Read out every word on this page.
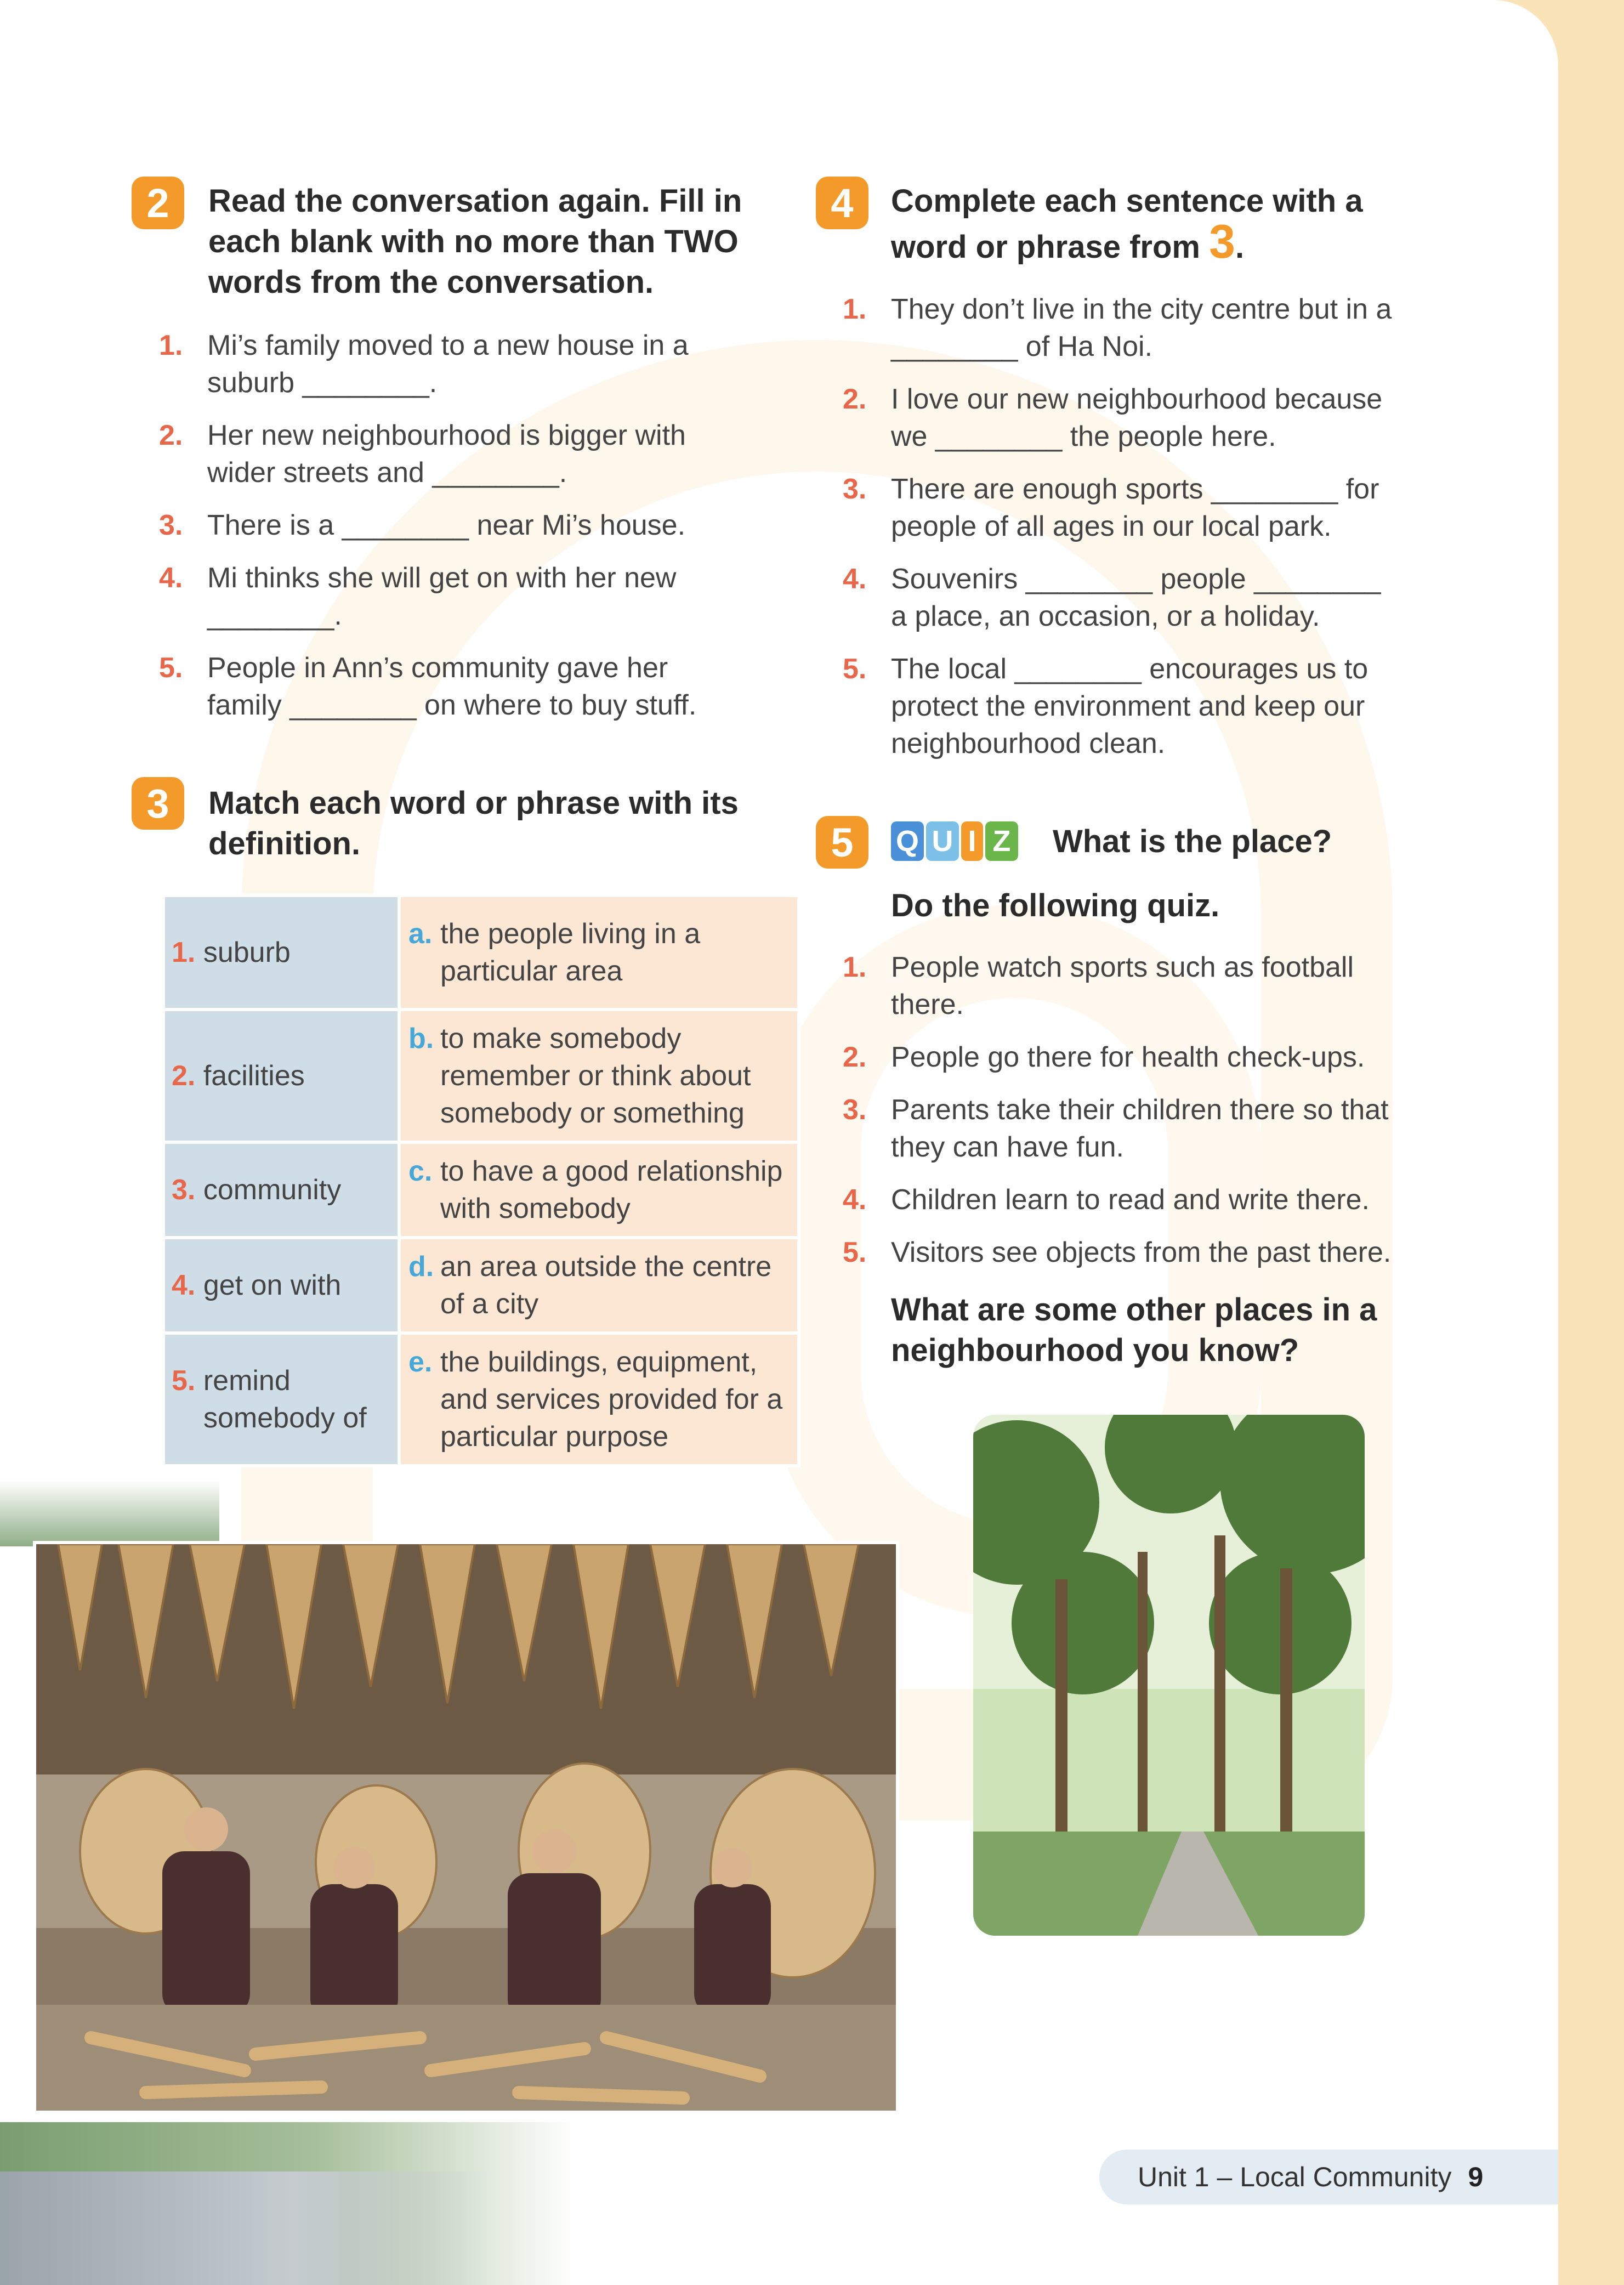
2	Read the conversation again. Fill in
each blank with no more than TWO
words from the conversation.
1. Mi’s family moved to a new house in a
suburb ________.
2. Her new neighbourhood is bigger with
wider streets and ________.
3. There is a ________ near Mi’s house.
4. Mi thinks she will get on with her new
________.
5. People in Ann’s community gave her
family ________ on where to buy stuff.
3	Match each word or phrase with its
definition.
1. suburb	a. the people living in a particular area
2. facilities	b. to make somebody remember or think about somebody or something
3. community	c. to have a good relationship with somebody
4. get on with	d. an area outside the centre of a city
5. remind somebody of	e. the buildings, equipment, and services provided for a particular purpose
4	Complete each sentence with a
word or phrase from 3.
1. They don’t live in the city centre but in a
________ of Ha Noi.
2. I love our new neighbourhood because
we ________ the people here.
3. There are enough sports ________ for
people of all ages in our local park.
4. Souvenirs ________ people ________
a place, an occasion, or a holiday.
5. The local ________ encourages us to
protect the environment and keep our
neighbourhood clean.
5	Q U I Z What is the place?
Do the following quiz.
1. People watch sports such as football
there.
2. People go there for health check-ups.
3. Parents take their children there so that
they can have fun.
4. Children learn to read and write there.
5. Visitors see objects from the past there.
What are some other places in a
neighbourhood you know?
Unit 1 – Local Community 9
